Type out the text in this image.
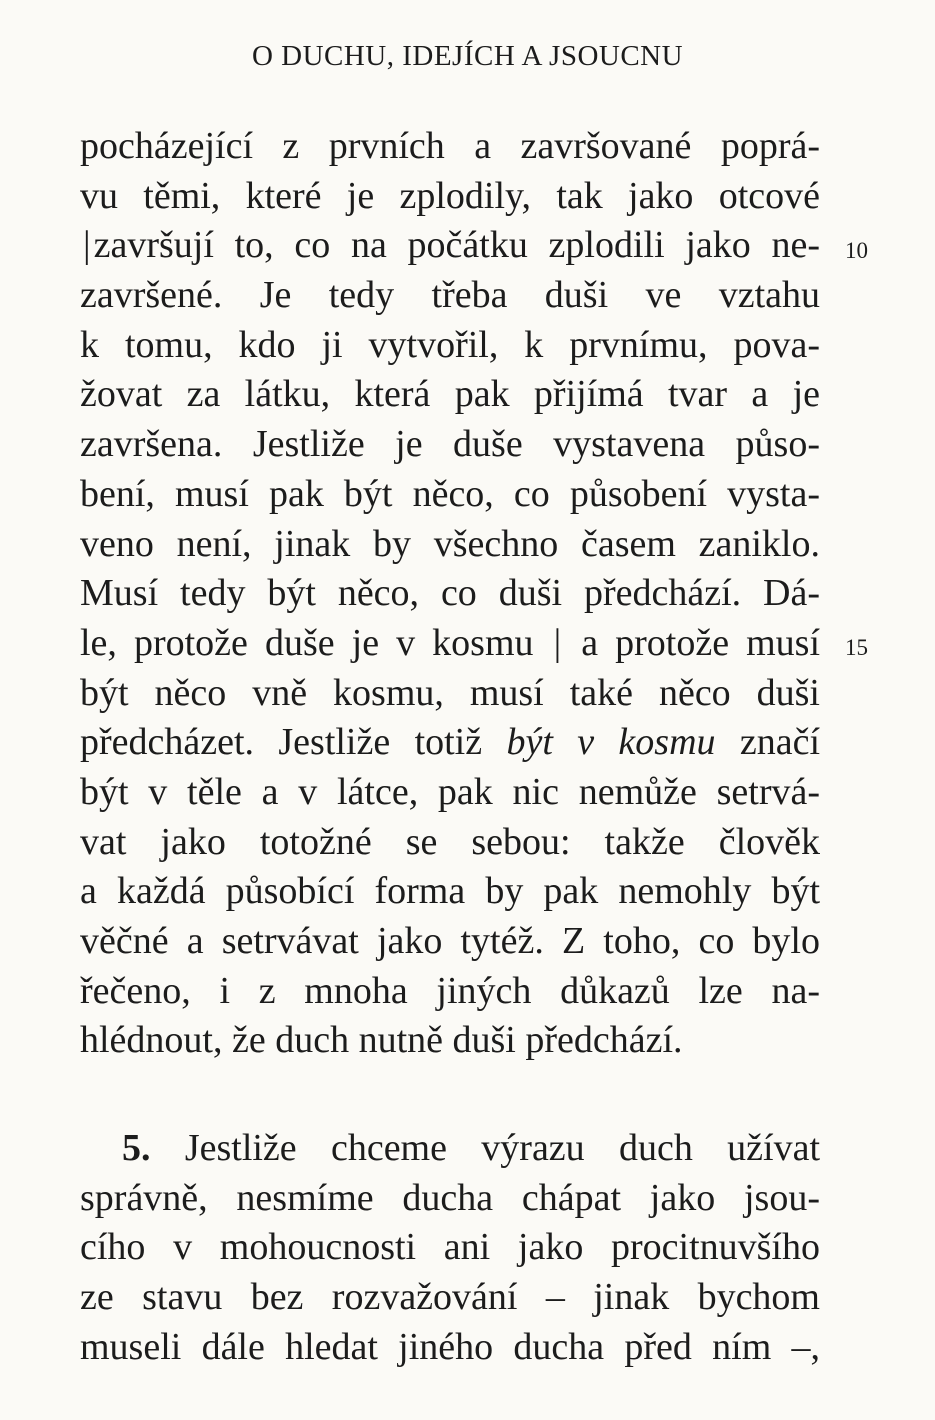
O DUCHU, IDEJÍCH A JSOUCNU
10
15
pocházející z prvních a završované poprá-
vu těmi, které je zplodily, tak jako otcové
|završují to, co na počátku zplodili jako ne-
završené. Je tedy třeba duši ve vztahu
k tomu, kdo ji vytvořil, k prvnímu, pova-
žovat za látku, která pak přijímá tvar a je
završena. Jestliže je duše vystavena půso-
bení, musí pak být něco, co působení vysta-
veno není, jinak by všechno časem zaniklo.
Musí tedy být něco, co duši předchází. Dá-
le, protože duše je v kosmu | a protože musí
být něco vně kosmu, musí také něco duši
předcházet. Jestliže totiž být v kosmu značí
být v těle a v látce, pak nic nemůže setrvá-
vat jako totožné se sebou: takže člověk
a každá působící forma by pak nemohly být
věčné a setrvávat jako tytéž. Z toho, co bylo
řečeno, i z mnoha jiných důkazů lze na-
hlédnout, že duch nutně duši předchází.
5. Jestliže chceme výrazu duch užívat
správně, nesmíme ducha chápat jako jsou-
cího v mohoucnosti ani jako procitnuvšího
ze stavu bez rozvažování – jinak bychom
museli dále hledat jiného ducha před ním –,
